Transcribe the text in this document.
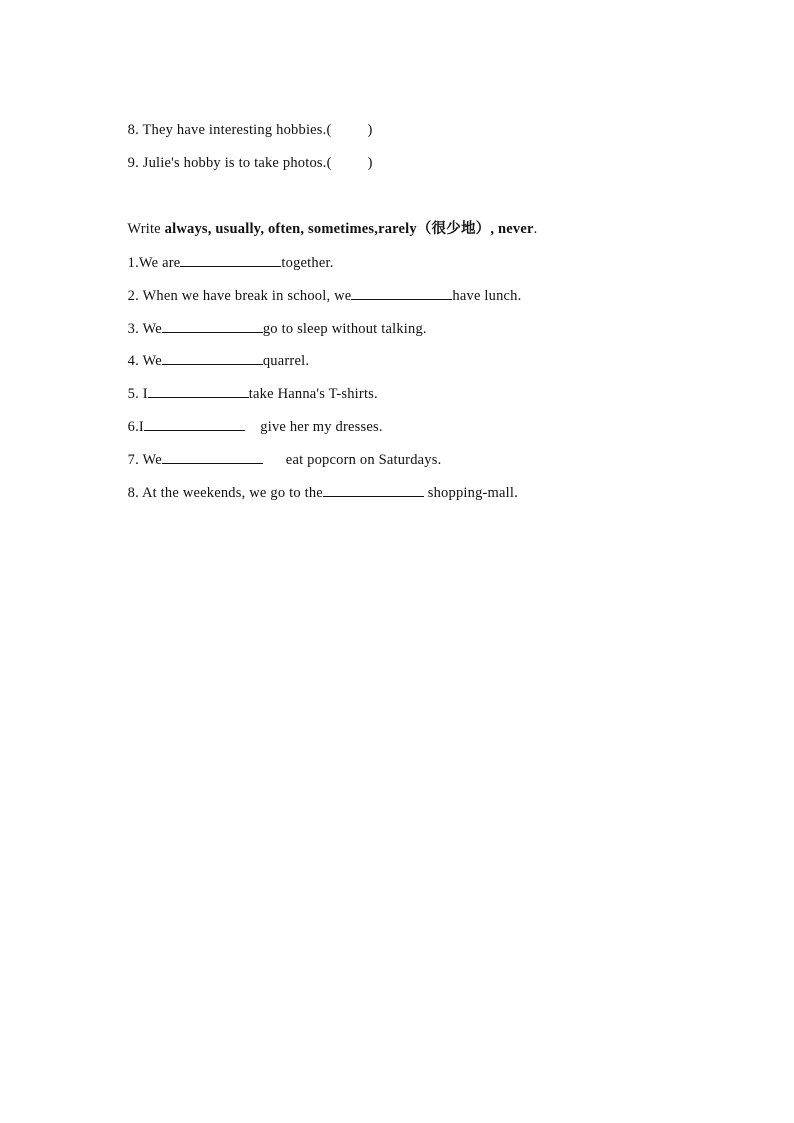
8. They have interesting hobbies.( )

9. Julie's hobby is to take photos.( )

Write always, usually, often, sometimes,rarely（很少地）, never.

1.We are	together.

2. When we have break in school, we	have lunch.

3. We	go to sleep without talking.

4. We	quarrel.

5. I	take Hanna's T-shirts.

6.I	give her my dresses.

7. We	eat popcorn on Saturdays.

8. At the weekends, we go to the	shopping-mall.
